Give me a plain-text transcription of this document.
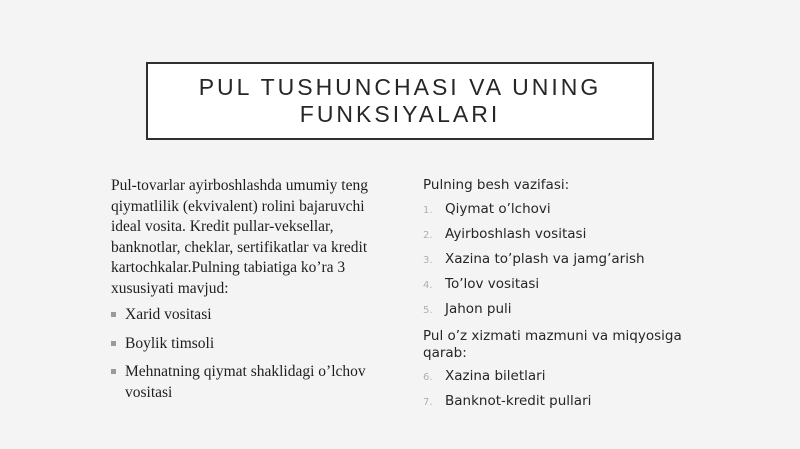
PUL TUSHUNCHASI VA UNING
FUNKSIYALARI

Pul-tovarlar ayirboshlashda umumiy teng qiymatlilik (ekvivalent) rolini bajaruvchi ideal vosita. Kredit pullar-veksellar, banknotlar, cheklar, sertifikatlar va kredit kartochkalar.Pulning tabiatiga ko’ra 3 xususiyati mavjud:

Xarid vositasi
Boylik timsoli
Mehnatning qiymat shaklidagi o’lchov vositasi

Pulning besh vazifasi:

1. Qiymat o’lchovi
2. Ayirboshlash vositasi
3. Xazina to’plash va jamg’arish
4. To’lov vositasi
5. Jahon puli

Pul o’z xizmati mazmuni va miqyosiga qarab:

6. Xazina biletlari
7. Banknot-kredit pullari
